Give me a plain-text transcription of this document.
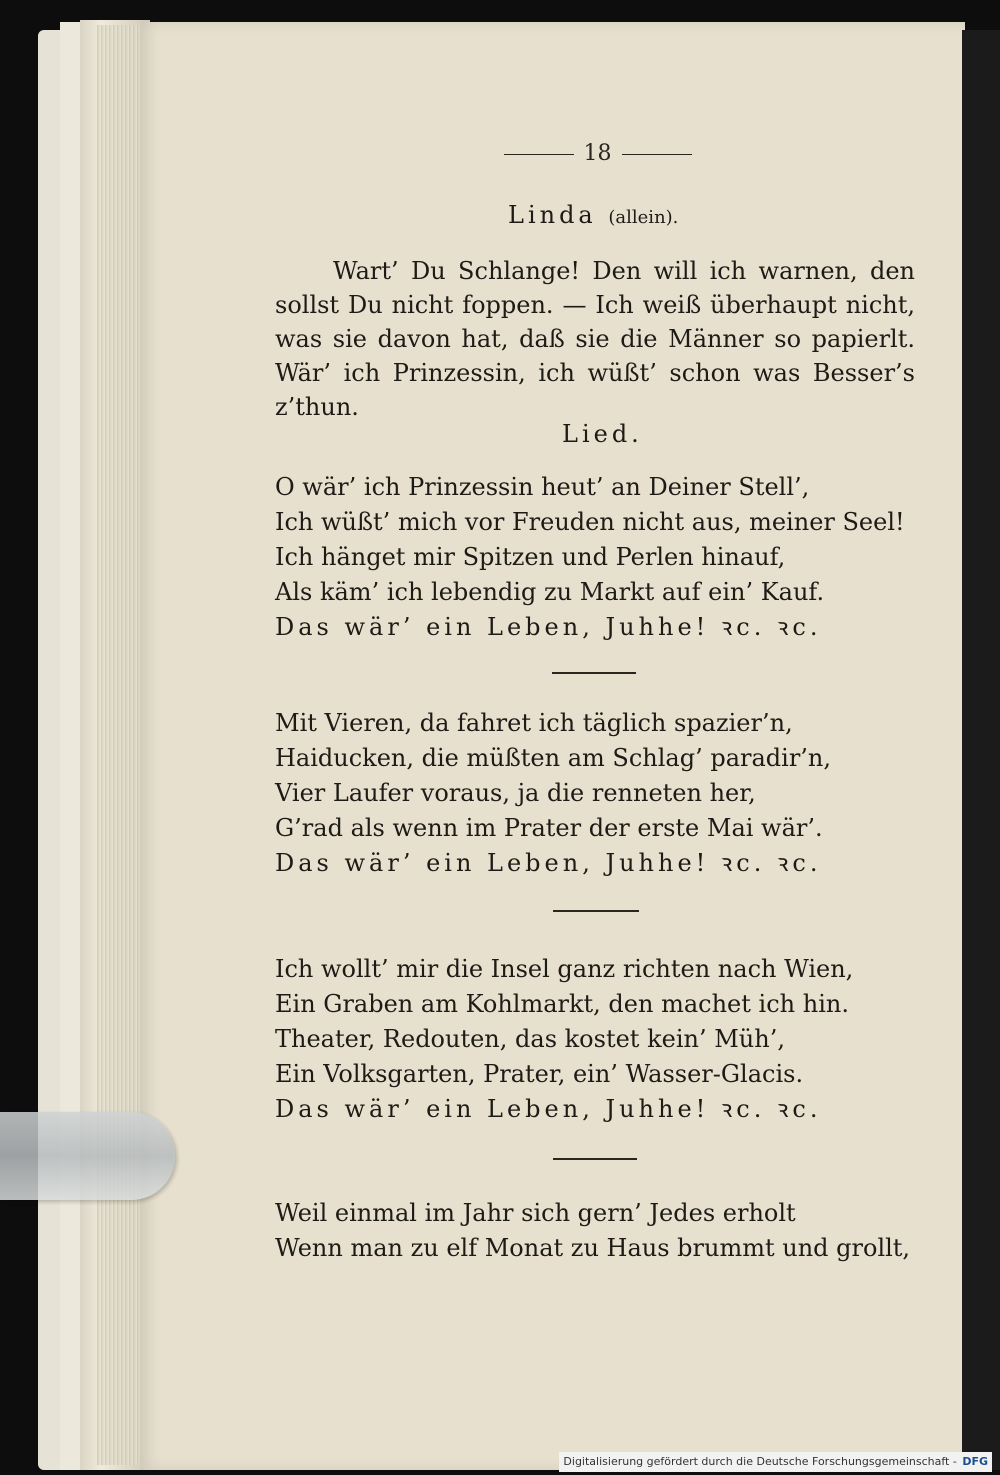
18
Linda (allein).

Wart’ Du Schlange! Den will ich warnen, den sollst Du nicht foppen. — Ich weiß überhaupt nicht, was sie davon hat, daß sie die Männer so papierlt. Wär’ ich Prinzessin, ich wüßt’ schon was Besser’s z’thun.

Lied.
O wär’ ich Prinzessin heut’ an Deiner Stell’,
Ich wüßt’ mich vor Freuden nicht aus, meiner Seel!
Ich hänget mir Spitzen und Perlen hinauf,
Als käm’ ich lebendig zu Markt auf ein’ Kauf.
Das wär’ ein Leben, Juhhe! ꝛc. ꝛc.
Mit Vieren, da fahret ich täglich spazier’n,
Haiducken, die müßten am Schlag’ paradir’n,
Vier Laufer voraus, ja die renneten her,
G’rad als wenn im Prater der erste Mai wär’.
Das wär’ ein Leben, Juhhe! ꝛc. ꝛc.
Ich wollt’ mir die Insel ganz richten nach Wien,
Ein Graben am Kohlmarkt, den machet ich hin.
Theater, Redouten, das kostet kein’ Müh’,
Ein Volksgarten, Prater, ein’ Wasser-Glacis.
Das wär’ ein Leben, Juhhe! ꝛc. ꝛc.
Weil einmal im Jahr sich gern’ Jedes erholt
Wenn man zu elf Monat zu Haus brummt und grollt,
Digitalisierung gefördert durch die Deutsche Forschungsgemeinschaft - DFG
